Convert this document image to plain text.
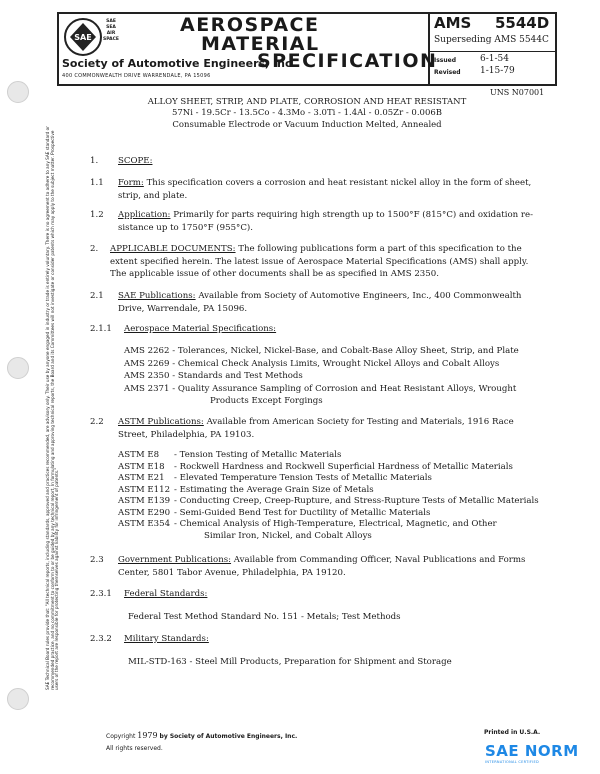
SAE
SAE
SEA
AIR
SPACE
AEROSPACE
MATERIAL
SPECIFICATION
Society of Automotive Engineers, Inc.
400 COMMONWEALTH DRIVE WARRENDALE, PA 15096
AMS 5544D
Superseding AMS 5544C
Issued	6-1-54
Revised 1-15-79
SAE Technical Board rules provide that: "All technical reports, including standards, approved and practices recommended, are advisory only. Their use by anyone engaged in industry or trade is entirely voluntary. There is no agreement to adhere to any SAE standard or recommended practice, and no commitment to conform to or be guided by any technical report. In formulating and approving technical reports, the Board and its Committees will not investigate or consider patents which may apply to the subject matter. Prospective users of the report are responsible for protecting themselves against liability for infringement of patents."
UNS N07001
ALLOY SHEET, STRIP, AND PLATE, CORROSION AND HEAT RESISTANT
57Ni - 19.5Cr - 13.5Co - 4.3Mo - 3.0Ti - 1.4Al - 0.05Zr - 0.006B
Consumable Electrode or Vacuum Induction Melted, Annealed
1. SCOPE:
1.1 Form: This specification covers a corrosion and heat resistant nickel alloy in the form of sheet,
strip, and plate.
1.2 Application: Primarily for parts requiring high strength up to 1500°F (815°C) and oxidation re-
sistance up to 1750°F (955°C).
2. APPLICABLE DOCUMENTS: The following publications form a part of this specification to the
extent specified herein. The latest issue of Aerospace Material Specifications (AMS) shall apply.
The applicable issue of other documents shall be as specified in AMS 2350.
2.1 SAE Publications: Available from Society of Automotive Engineers, Inc., 400 Commonwealth
Drive, Warrendale, PA 15096.
2.1.1 Aerospace Material Specifications:
AMS 2262 - Tolerances, Nickel, Nickel-Base, and Cobalt-Base Alloy Sheet, Strip, and Plate
AMS 2269 - Chemical Check Analysis Limits, Wrought Nickel Alloys and Cobalt Alloys
AMS 2350 - Standards and Test Methods
AMS 2371 - Quality Assurance Sampling of Corrosion and Heat Resistant Alloys, Wrought
Products Except Forgings
2.2 ASTM Publications: Available from American Society for Testing and Materials, 1916 Race
Street, Philadelphia, PA 19103.
ASTM E8 - Tension Testing of Metallic Materials
ASTM E18 - Rockwell Hardness and Rockwell Superficial Hardness of Metallic Materials
ASTM E21 - Elevated Temperature Tension Tests of Metallic Materials
ASTM E112 - Estimating the Average Grain Size of Metals
ASTM E139 - Conducting Creep, Creep-Rupture, and Stress-Rupture Tests of Metallic Materials
ASTM E290 - Semi-Guided Bend Test for Ductility of Metallic Materials
ASTM E354 - Chemical Analysis of High-Temperature, Electrical, Magnetic, and Other
Similar Iron, Nickel, and Cobalt Alloys
2.3 Government Publications: Available from Commanding Officer, Naval Publications and Forms
Center, 5801 Tabor Avenue, Philadelphia, PA 19120.
2.3.1 Federal Standards:
Federal Test Method Standard No. 151 - Metals; Test Methods
2.3.2 Military Standards:
MIL-STD-163 - Steel Mill Products, Preparation for Shipment and Storage
Copyright 1979 by Society of Automotive Engineers, Inc.
All rights reserved.
Printed in U.S.A.
SAE NORM
INTERNATIONAL CERTIFIED
